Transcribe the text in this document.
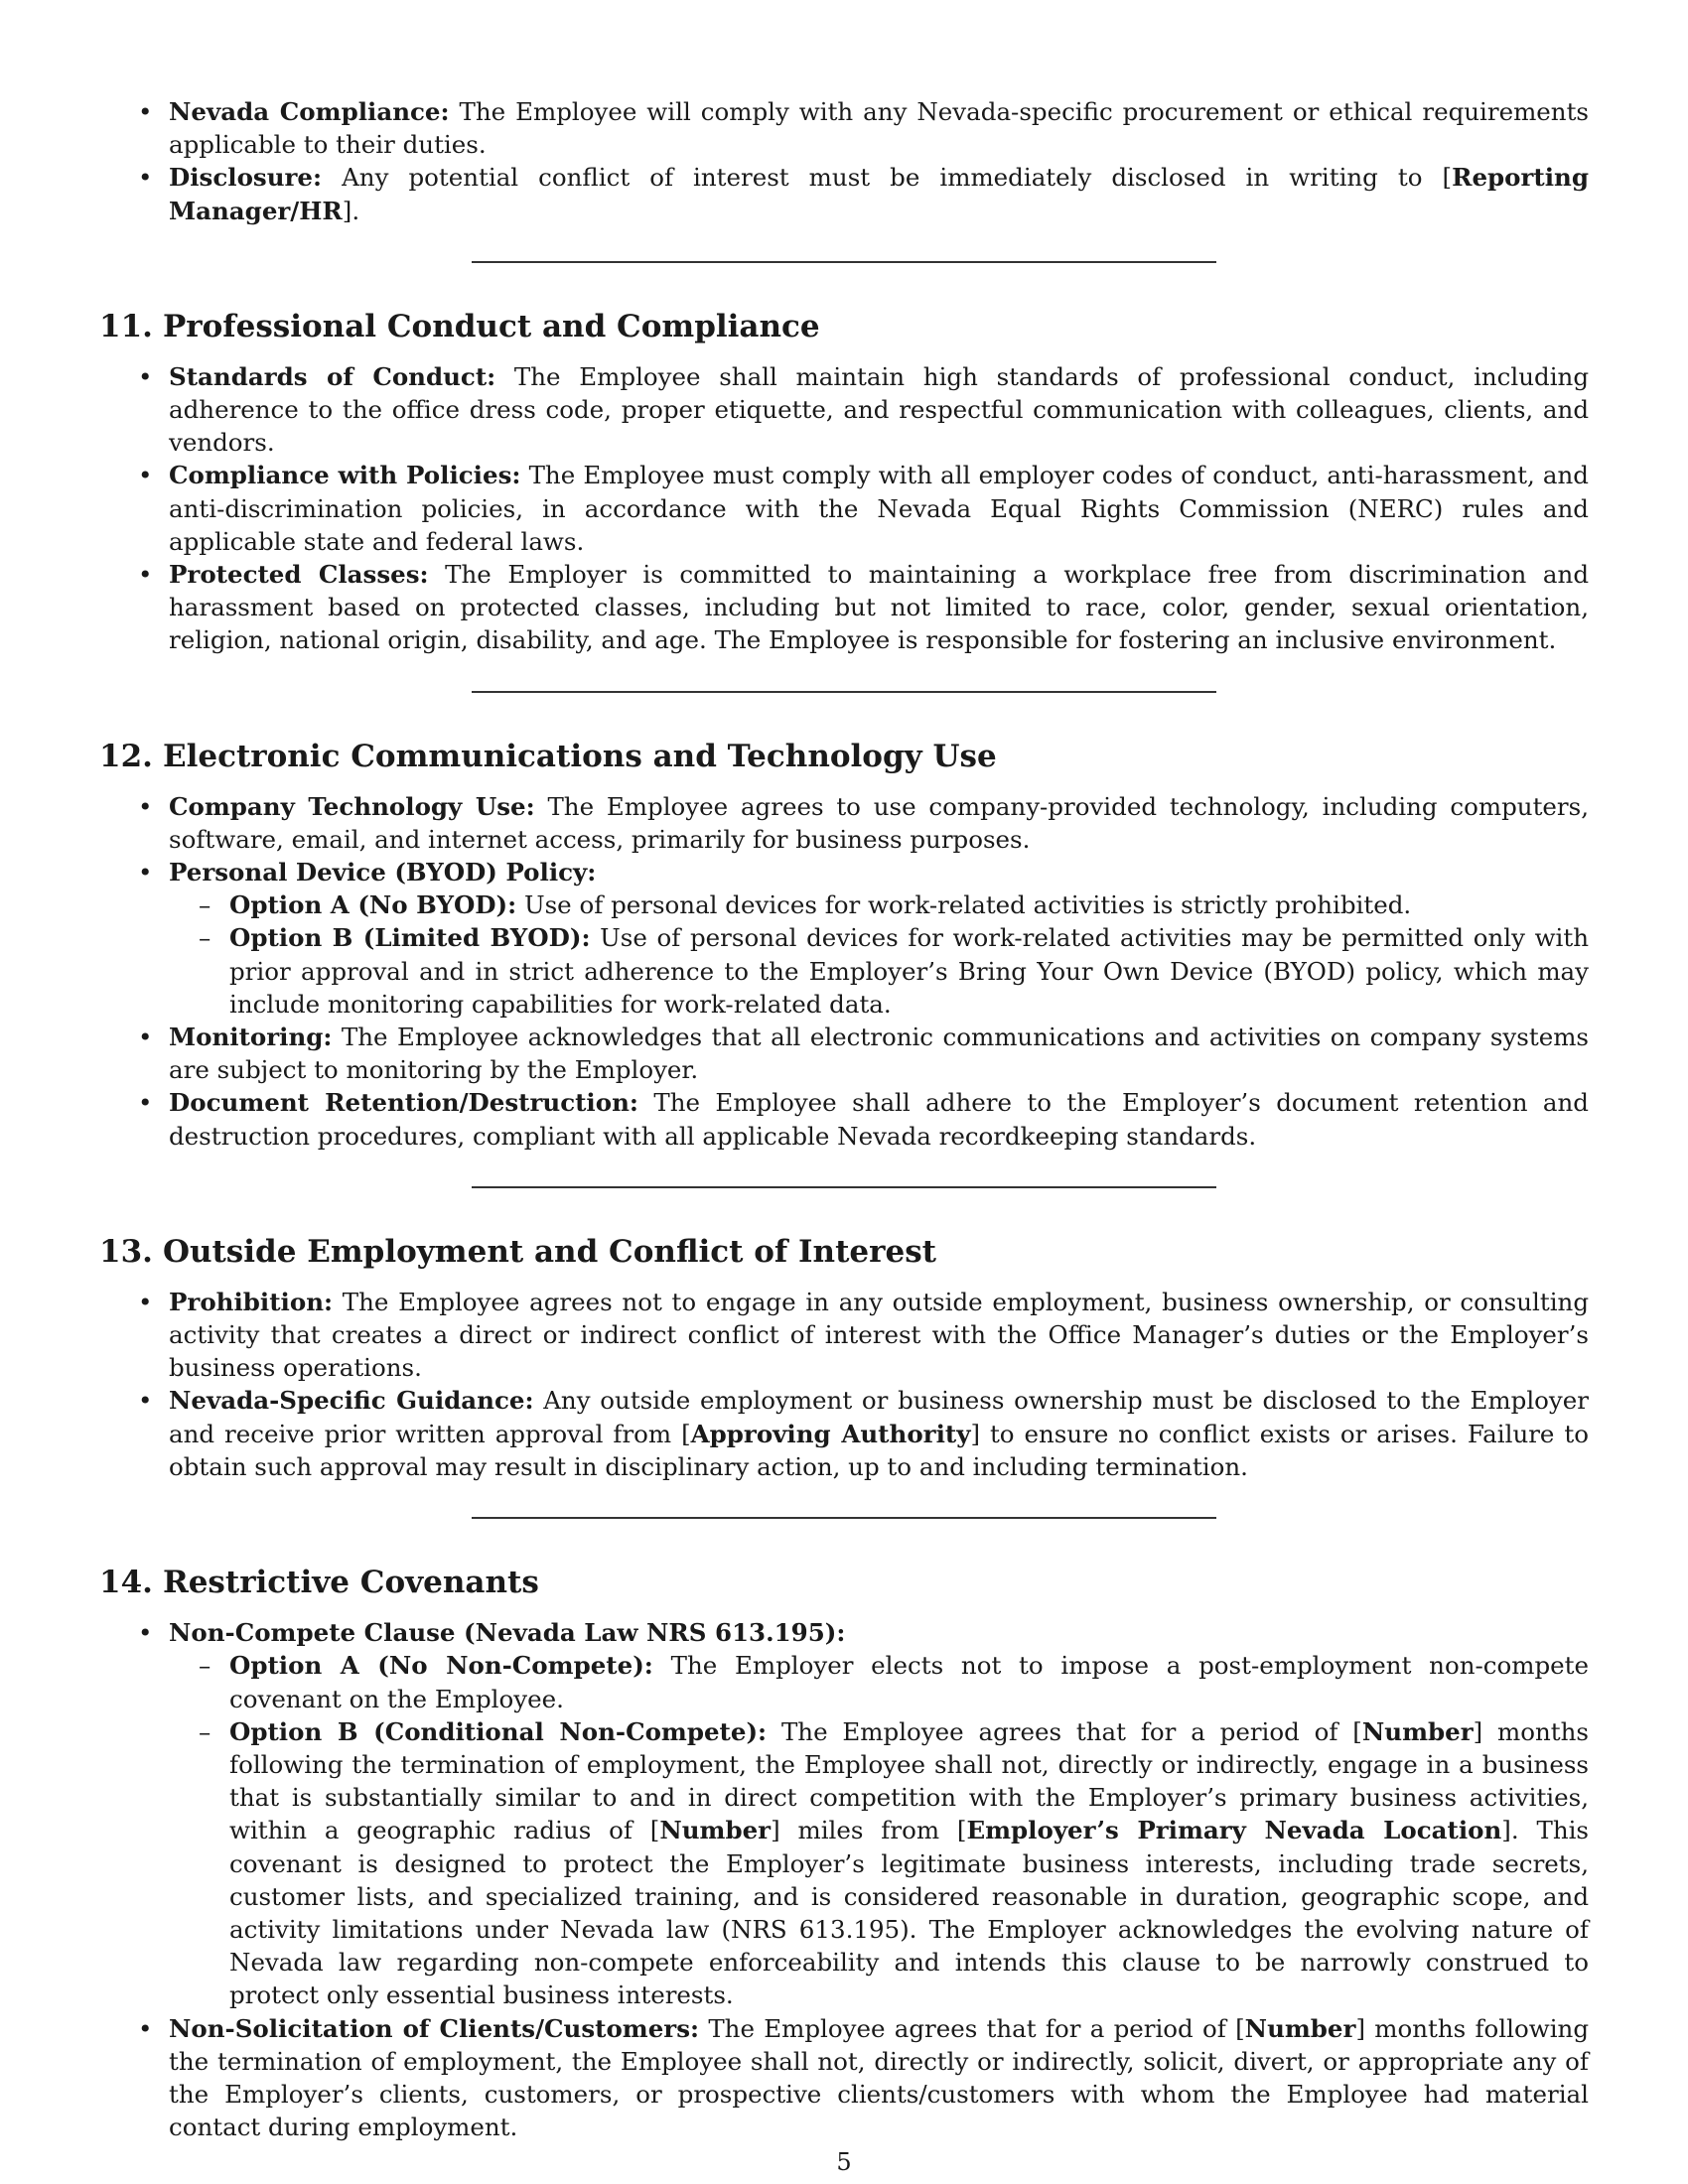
• Nevada Compliance: The Employee will comply with any Nevada-specific procurement or ethical requirements applicable to their duties.
• Disclosure: Any potential conflict of interest must be immediately disclosed in writing to [Reporting Manager/HR].
11. Professional Conduct and Compliance
• Standards of Conduct: The Employee shall maintain high standards of professional conduct, including adherence to the office dress code, proper etiquette, and respectful communication with colleagues, clients, and vendors.
• Compliance with Policies: The Employee must comply with all employer codes of conduct, anti-harassment, and anti-discrimination policies, in accordance with the Nevada Equal Rights Commission (NERC) rules and applicable state and federal laws.
• Protected Classes: The Employer is committed to maintaining a workplace free from discrimination and harassment based on protected classes, including but not limited to race, color, gender, sexual orientation, religion, national origin, disability, and age. The Employee is responsible for fostering an inclusive environment.
12. Electronic Communications and Technology Use
• Company Technology Use: The Employee agrees to use company-provided technology, including computers, software, email, and internet access, primarily for business purposes.
• Personal Device (BYOD) Policy:
– Option A (No BYOD): Use of personal devices for work-related activities is strictly prohibited.
– Option B (Limited BYOD): Use of personal devices for work-related activities may be permitted only with prior approval and in strict adherence to the Employer’s Bring Your Own Device (BYOD) policy, which may include monitoring capabilities for work-related data.
• Monitoring: The Employee acknowledges that all electronic communications and activities on company systems are subject to monitoring by the Employer.
• Document Retention/Destruction: The Employee shall adhere to the Employer’s document retention and destruction procedures, compliant with all applicable Nevada recordkeeping standards.
13. Outside Employment and Conflict of Interest
• Prohibition: The Employee agrees not to engage in any outside employment, business ownership, or consulting activity that creates a direct or indirect conflict of interest with the Office Manager’s duties or the Employer’s business operations.
• Nevada-Specific Guidance: Any outside employment or business ownership must be disclosed to the Employer and receive prior written approval from [Approving Authority] to ensure no conflict exists or arises. Failure to obtain such approval may result in disciplinary action, up to and including termination.
14. Restrictive Covenants
• Non-Compete Clause (Nevada Law NRS 613.195):
– Option A (No Non-Compete): The Employer elects not to impose a post-employment non-compete covenant on the Employee.
– Option B (Conditional Non-Compete): The Employee agrees that for a period of [Number] months following the termination of employment, the Employee shall not, directly or indirectly, engage in a business that is substantially similar to and in direct competition with the Employer’s primary business activities, within a geographic radius of [Number] miles from [Employer’s Primary Nevada Location]. This covenant is designed to protect the Employer’s legitimate business interests, including trade secrets, customer lists, and specialized training, and is considered reasonable in duration, geographic scope, and activity limitations under Nevada law (NRS 613.195). The Employer acknowledges the evolving nature of Nevada law regarding non-compete enforceability and intends this clause to be narrowly construed to protect only essential business interests.
• Non-Solicitation of Clients/Customers: The Employee agrees that for a period of [Number] months following the termination of employment, the Employee shall not, directly or indirectly, solicit, divert, or appropriate any of the Employer’s clients, customers, or prospective clients/customers with whom the Employee had material contact during employment.
5
